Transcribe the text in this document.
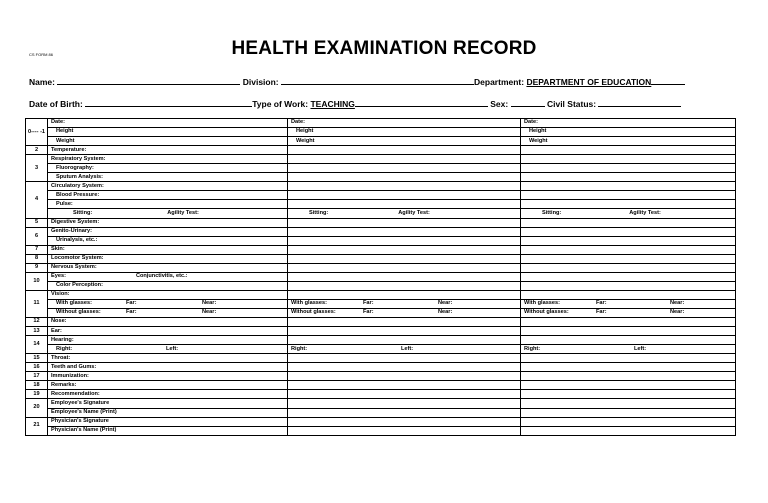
CS FORM 86	HEALTH EXAMINATION RECORD
Name:	Division:	Department: DEPARTMENT OF EDUCATION
Date of Birth:	Type of Work: TEACHING	Sex:	Civil Status:
0---- -1	Date:	Date:	Date:
	Height	Height	Height
	Weight	Weight	Weight
2	Temperature:		
3	Respiratory System:		
	Fluorography:		
	Sputum Analysis:		
4	Circulatory System:		
	Blood Pressure:		
	Pulse:		
	Sitting: Agility Test:	Sitting: Agility Test:	Sitting: Agility Test:
5	Digestive System:		
6	Genito-Urinary:		
	Urinalysis, etc.:		
7	Skin:		
8	Locomotor System:		
9	Nervous System:		
10	Eyes: Conjunctivitis, etc.:		
	Color Perception:		
11	Vision:		
	With glasses: Far: Near:	With glasses: Far: Near:	With glasses: Far: Near:
	Without glasses: Far: Near:	Without glasses: Far: Near:	Without glasses: Far: Near:
12	Nose:		
13	Ear:		
14	Hearing:		
	Right: Left:	Right: Left:	Right: Left:
15	Throat:		
16	Teeth and Gums:		
17	Immunization:		
18	Remarks:		
19	Recommendation:		
20	Employee's Signature		
	Employee's Name (Print)		
21	Physician's Signature		
	Physician's Name (Print)		
